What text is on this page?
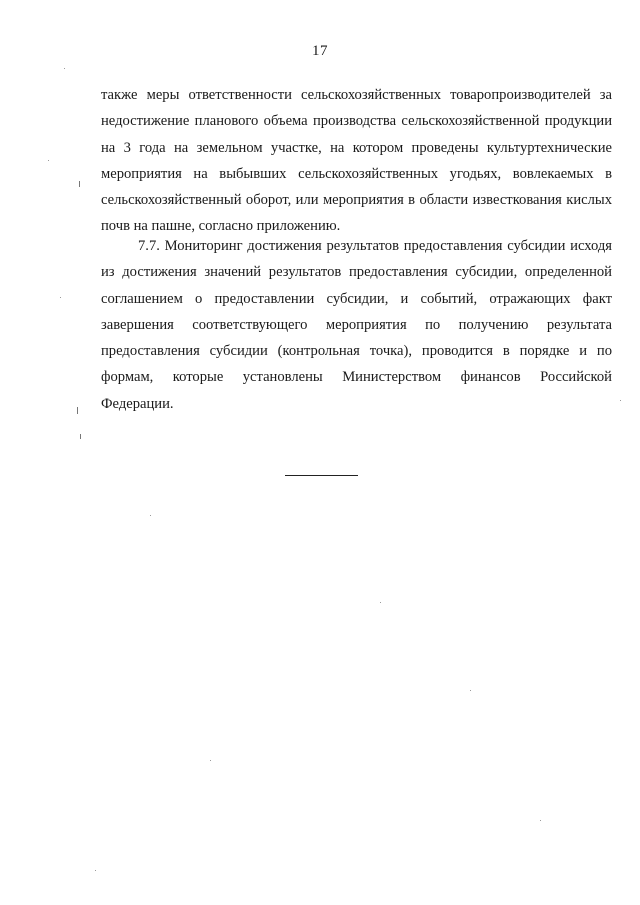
17
также меры ответственности сельскохозяйственных товаропроизводителей за
недостижение планового объема производства сельскохозяйственной продукции
на 3 года на земельном участке, на котором проведены культуртехнические
мероприятия на выбывших сельскохозяйственных угодьях, вовлекаемых в
сельскохозяйственный оборот, или мероприятия в области известкования кислых
почв на пашне, согласно приложению.
7.7. Мониторинг достижения результатов предоставления субсидии исходя
из достижения значений результатов предоставления субсидии, определенной
соглашением о предоставлении субсидии, и событий, отражающих факт
завершения соответствующего мероприятия по получению результата
предоставления субсидии (контрольная точка), проводится в порядке и по
формам, которые установлены Министерством финансов Российской
Федерации.
